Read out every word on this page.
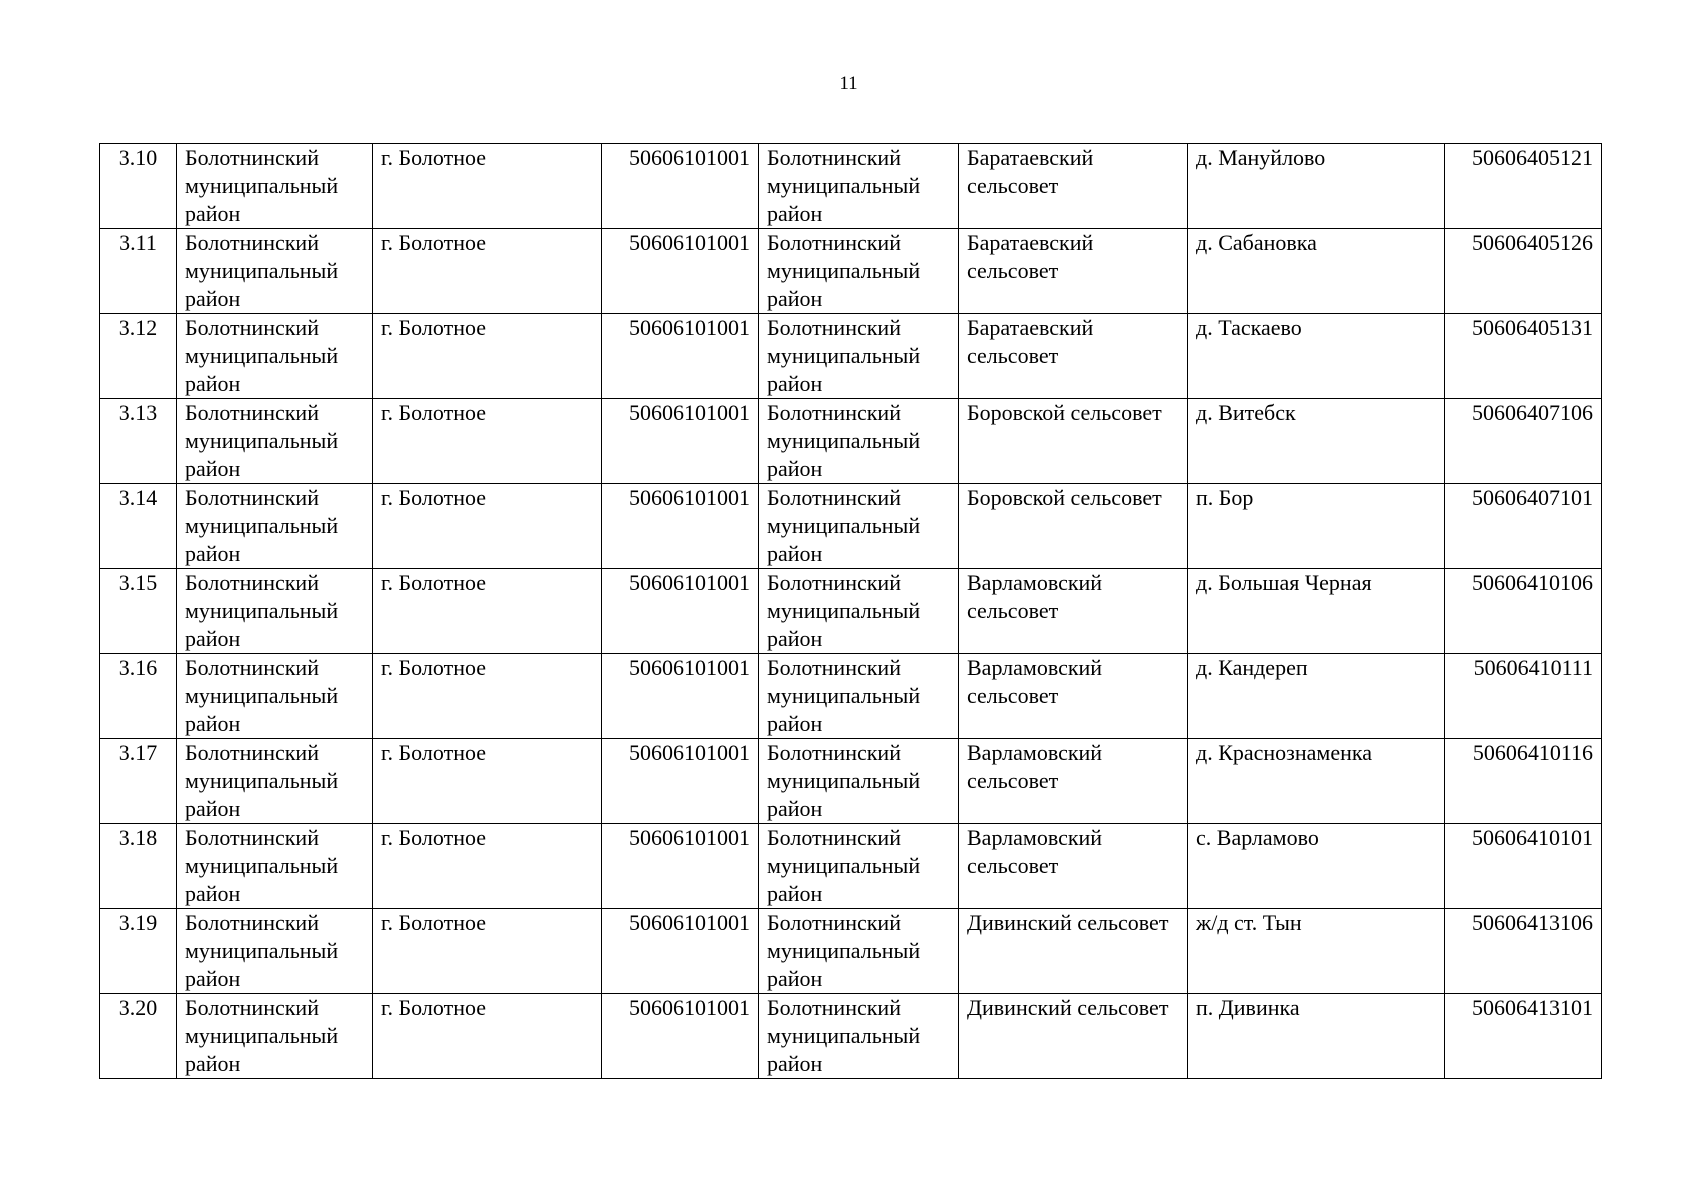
11
3.10	Болотнинский муниципальный район	г. Болотное	50606101001	Болотнинский муниципальный район	Баратаевский сельсовет	д. Мануйлово	50606405121
3.11	Болотнинский муниципальный район	г. Болотное	50606101001	Болотнинский муниципальный район	Баратаевский сельсовет	д. Сабановка	50606405126
3.12	Болотнинский муниципальный район	г. Болотное	50606101001	Болотнинский муниципальный район	Баратаевский сельсовет	д. Таскаево	50606405131
3.13	Болотнинский муниципальный район	г. Болотное	50606101001	Болотнинский муниципальный район	Боровской сельсовет	д. Витебск	50606407106
3.14	Болотнинский муниципальный район	г. Болотное	50606101001	Болотнинский муниципальный район	Боровской сельсовет	п. Бор	50606407101
3.15	Болотнинский муниципальный район	г. Болотное	50606101001	Болотнинский муниципальный район	Варламовский сельсовет	д. Большая Черная	50606410106
3.16	Болотнинский муниципальный район	г. Болотное	50606101001	Болотнинский муниципальный район	Варламовский сельсовет	д. Кандереп	50606410111
3.17	Болотнинский муниципальный район	г. Болотное	50606101001	Болотнинский муниципальный район	Варламовский сельсовет	д. Краснознаменка	50606410116
3.18	Болотнинский муниципальный район	г. Болотное	50606101001	Болотнинский муниципальный район	Варламовский сельсовет	с. Варламово	50606410101
3.19	Болотнинский муниципальный район	г. Болотное	50606101001	Болотнинский муниципальный район	Дивинский сельсовет	ж/д ст. Тын	50606413106
3.20	Болотнинский муниципальный район	г. Болотное	50606101001	Болотнинский муниципальный район	Дивинский сельсовет	п. Дивинка	50606413101
